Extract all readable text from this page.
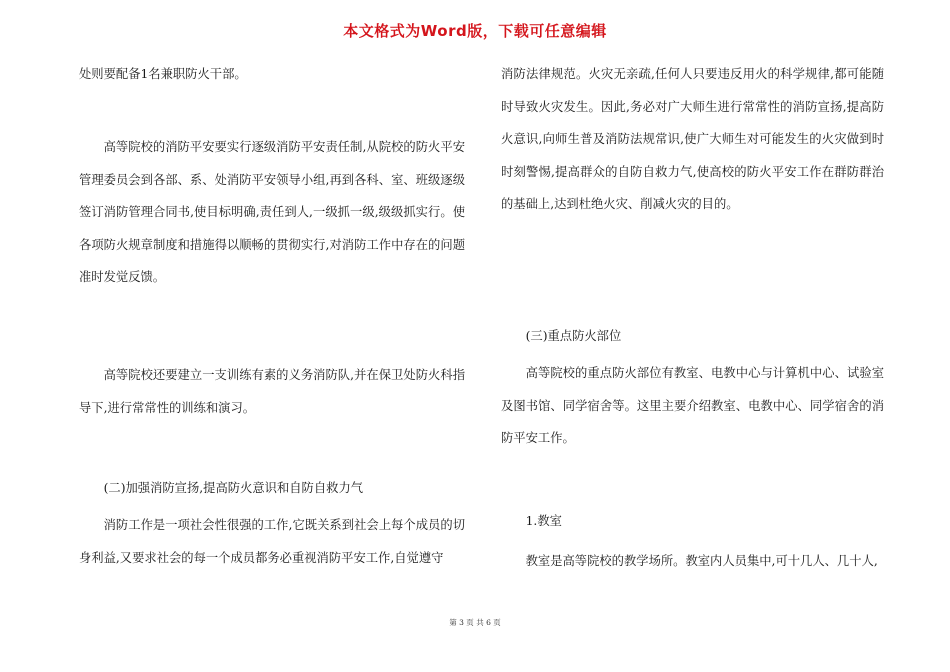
本文格式为Word版，下载可任意编辑

处则要配备1名兼职防火干部。

高等院校的消防平安要实行逐级消防平安责任制,从院校的防火平安管理委员会到各部、系、处消防平安领导小组,再到各科、室、班级逐级签订消防管理合同书,使目标明确,责任到人,一级抓一级,级级抓实行。使各项防火规章制度和措施得以顺畅的贯彻实行,对消防工作中存在的问题准时发觉反馈。

高等院校还要建立一支训练有素的义务消防队,并在保卫处防火科指导下,进行常常性的训练和演习。

(二)加强消防宣扬,提高防火意识和自防自救力气

消防工作是一项社会性很强的工作,它既关系到社会上每个成员的切身利益,又要求社会的每一个成员都务必重视消防平安工作,自觉遵守

消防法律规范。火灾无亲疏,任何人只要违反用火的科学规律,都可能随时导致火灾发生。因此,务必对广大师生进行常常性的消防宣扬,提高防火意识,向师生普及消防法规常识,使广大师生对可能发生的火灾做到时时刻警惕,提高群众的自防自救力气,使高校的防火平安工作在群防群治的基础上,达到杜绝火灾、削减火灾的目的。

(三)重点防火部位

高等院校的重点防火部位有教室、电教中心与计算机中心、试验室及图书馆、同学宿舍等。这里主要介绍教室、电教中心、同学宿舍的消防平安工作。

1.教室

教室是高等院校的教学场所。教室内人员集中,可十几人、几十人,

第 3 页 共 6 页
